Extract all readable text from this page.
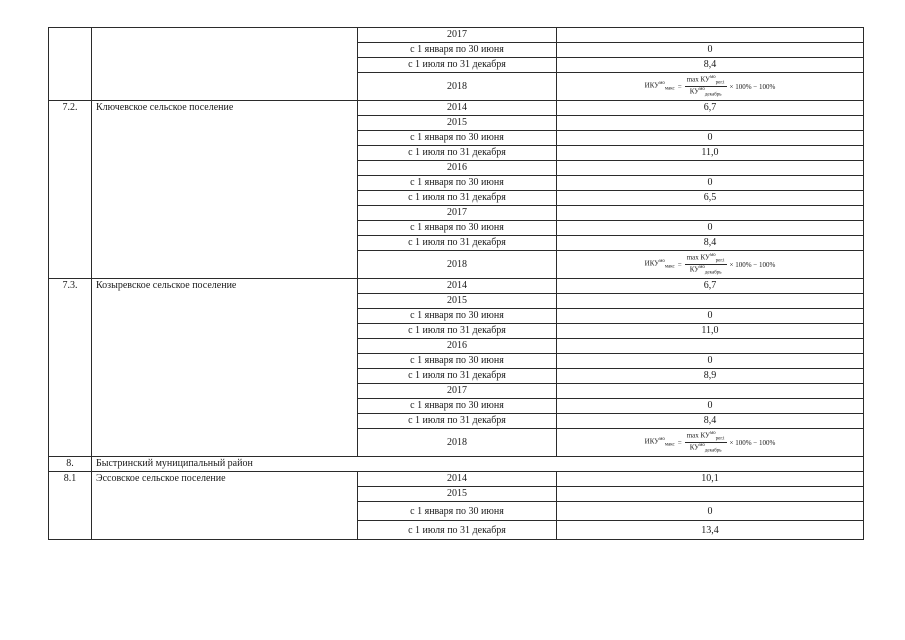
		2017	
		с 1 января по 30 июня	0
		с 1 июля по 31 декабря	8,4
		2018	$ИКУ^{мо}_{макс} = \frac{\max КУ^{мо}_{рег.i}}{КУ^{мо}_{декабрь}} \times 100\% - 100\%$

7.2.	Ключевское сельское поселение	2014	6,7
		2015	
		с 1 января по 30 июня	0
		с 1 июля по 31 декабря	11,0
		2016	
		с 1 января по 30 июня	0
		с 1 июля по 31 декабря	6,5
		2017	
		с 1 января по 30 июня	0
		с 1 июля по 31 декабря	8,4
		2018	$ИКУ^{мо}_{макс} = \frac{\max КУ^{мо}_{рег.i}}{КУ^{мо}_{декабрь}} \times 100\% - 100\%$

7.3.	Козыревское сельское поселение	2014	6,7
		2015	
		с 1 января по 30 июня	0
		с 1 июля по 31 декабря	11,0
		2016	
		с 1 января по 30 июня	0
		с 1 июля по 31 декабря	8,9
		2017	
		с 1 января по 30 июня	0
		с 1 июля по 31 декабря	8,4
		2018	$ИКУ^{мо}_{макс} = \frac{\max КУ^{мо}_{рег.i}}{КУ^{мо}_{декабрь}} \times 100\% - 100\%$

8.	Быстринский муниципальный район		
8.1	Эссовское сельское поселение	2014	10,1
		2015	
		с 1 января по 30 июня	0
		с 1 июля по 31 декабря	13,4
